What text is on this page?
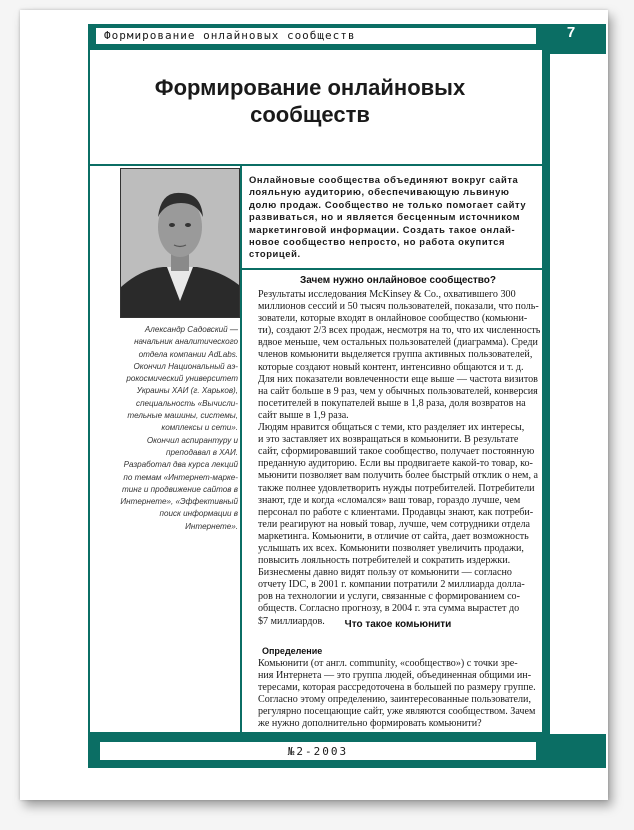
Формирование онлайновых сообществ	7
Формирование онлайновых
сообществ
Александр Садовский —
начальник аналитического
отдела компании AdLabs.
Окончил Национальный аэ-
рокосмический университет
Украины ХАИ (г. Харьков),
специальность «Вычисли-
тельные машины, системы,
комплексы и сети».
Окончил аспирантуру и
преподавал в ХАИ.
Разработал два курса лекций
по темам «Интернет-марке-
тинг и продвижение сайтов в
Интернете», «Эффективный
поиск информации в
Интернете».
Онлайновые сообщества объединяют вокруг сайта
лояльную аудиторию, обеспечивающую львиную
долю продаж. Сообщество не только помогает сайту
развиваться, но и является бесценным источником
маркетинговой информации. Создать такое онлай-
новое сообщество непросто, но работа окупится
сторицей.
Зачем нужно онлайновое сообщество?
Результаты исследования McKinsey & Co., охватившего 300
миллионов сессий и 50 тысяч пользователей, показали, что поль-
зователи, которые входят в онлайновое сообщество (комьюни-
ти), создают 2/3 всех продаж, несмотря на то, что их численность
вдвое меньше, чем остальных пользователей (диаграмма). Среди
членов комьюнити выделяется группа активных пользователей,
которые создают новый контент, интенсивно общаются и т. д.
Для них показатели вовлеченности еще выше — частота визитов
на сайт больше в 9 раз, чем у обычных пользователей, конверсия
посетителей в покупателей выше в 1,8 раза, доля возвратов на
сайт выше в 1,9 раза.
Людям нравится общаться с теми, кто разделяет их интересы,
и это заставляет их возвращаться в комьюнити. В результате
сайт, сформировавший такое сообщество, получает постоянную
преданную аудиторию. Если вы продвигаете какой-то товар, ко-
мьюнити позволяет вам получить более быстрый отклик о нем, а
также полнее удовлетворить нужды потребителей. Потребители
знают, где и когда «сломался» ваш товар, гораздо лучше, чем
персонал по работе с клиентами. Продавцы знают, как потреби-
тели реагируют на новый товар, лучше, чем сотрудники отдела
маркетинга. Комьюнити, в отличие от сайта, дает возможность
услышать их всех. Комьюнити позволяет увеличить продажи,
повысить лояльность потребителей и сократить издержки.
Бизнесмены давно видят пользу от комьюнити — согласно
отчету IDC, в 2001 г. компании потратили 2 миллиарда долла-
ров на технологии и услуги, связанные с формированием со-
обществ. Согласно прогнозу, в 2004 г. эта сумма вырастет до
$7 миллиардов.	Что такое комьюнити
Определение
Комьюнити (от англ. community, «сообщество») с точки зре-
ния Интернета — это группа людей, объединенная общими ин-
тересами, которая рассредоточена в большей по размеру группе.
Согласно этому определению, заинтересованные пользователи,
регулярно посещающие сайт, уже являются сообществом. Зачем
же нужно дополнительно формировать комьюнити?
№2-2003
